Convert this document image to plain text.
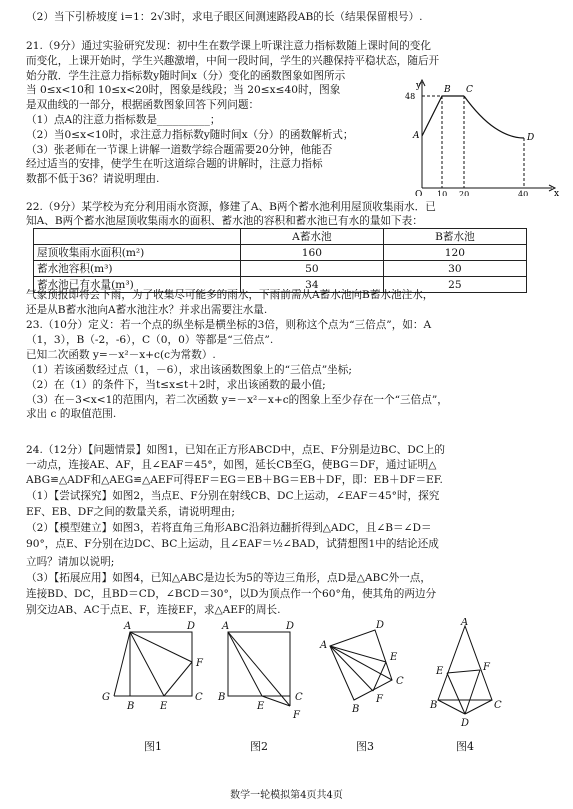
（2）当下引桥坡度 i=1：2√3时，求电子眼区间测速路段AB的长（结果保留根号）.
21.（9分）通过实验研究发现：初中生在数学课上听课注意力指标数随上课时间的变化
而变化，上课开始时，学生兴趣激增，中间一段时间，学生的兴趣保持平稳状态，随后开
始分散．学生注意力指标数y随时间x（分）变化的函数图象如图所示
当 0≤x<10和 10≤x<20时，图象是线段；当 20≤x≤40时，图象
是双曲线的一部分，根据函数图象回答下列问题：
（1）点A的注意力指标数是__________；
（2）当0≤x<10时，求注意力指标数y随时间x（分）的函数解析式；
（3）张老师在一节课上讲解一道数学综合题需要20分钟，他能否
经过适当的安排，使学生在听这道综合题的讲解时，注意力指标
数都不低于36？请说明理由.
y
x
O
48
10 20	40
A
B C
D
22.（9分）某学校为充分利用雨水资源，修建了A、B两个蓄水池利用屋顶收集雨水．已
知A、B两个蓄水池屋顶收集雨水的面积、蓄水池的容积和蓄水池已有水的量如下表：
	A蓄水池	B蓄水池
屋顶收集雨水面积(m²)	160	120
蓄水池容积(m³)	50	30
蓄水池已有水量(m³)	34	25
气象预报即将会下雨，为了收集尽可能多的雨水，下雨前需从A蓄水池向B蓄水池注水，
还是从B蓄水池向A蓄水池注水？并求出需要注水量.
23.（10分）定义：若一个点的纵坐标是横坐标的3倍，则称这个点为“三倍点”，如：A
（1，3），B（-2，-6），C（0，0）等都是“三倍点”.
已知二次函数 y=－x²－x+c(c为常数）.
（1）若该函数经过点（1，－6），求出该函数图象上的“三倍点”坐标;
（2）在（1）的条件下，当t≤x≤t＋2时，求出该函数的最小值;
（3）在－3<x<1的范围内，若二次函数 y=－x²－x+c的图象上至少存在一个“三倍点”，
求出 c 的取值范围.
24.（12分）【问题情景】如图1，已知在正方形ABCD中，点E、F分别是边BC、DC上的
一动点，连接AE、AF，且∠EAF＝45°，如图，延长CB至G，使BG＝DF，通过证明△
ABG≌△ADF和△AEG≌△AEF可得EF＝EG＝EB＋BG＝EB＋DF，即：EB＋DF＝EF.
（1）【尝试探究】如图2，当点E、F分别在射线CB、DC上运动，∠EAF＝45°时，探究
EF、EB、DF之间的数量关系，请说明理由;
（2）【模型建立】如图3，若将直角三角形ABC沿斜边翻折得到△ADC，且∠B＝∠D＝
90°，点E、F分别在边DC、BC上运动，且∠EAF＝½∠BAD，试猜想图1中的结论还成
立吗？请加以说明;
（3）【拓展应用】如图4，已知△ABC是边长为5的等边三角形，点D是△ABC外一点，
连接BD、DC，且BD＝CD，∠BCD＝30°，以D为顶点作一个60°角，使其角的两边分
别交边AB、AC于点E、F，连接EF，求△AEF的周长.
A	D
F
G
B	E
C
A	D
B
E
C
F
A
D
E
C
F
B
A
E	F
B	C
D
图1	图2	图3	图4
数学一轮模拟第4页共4页
